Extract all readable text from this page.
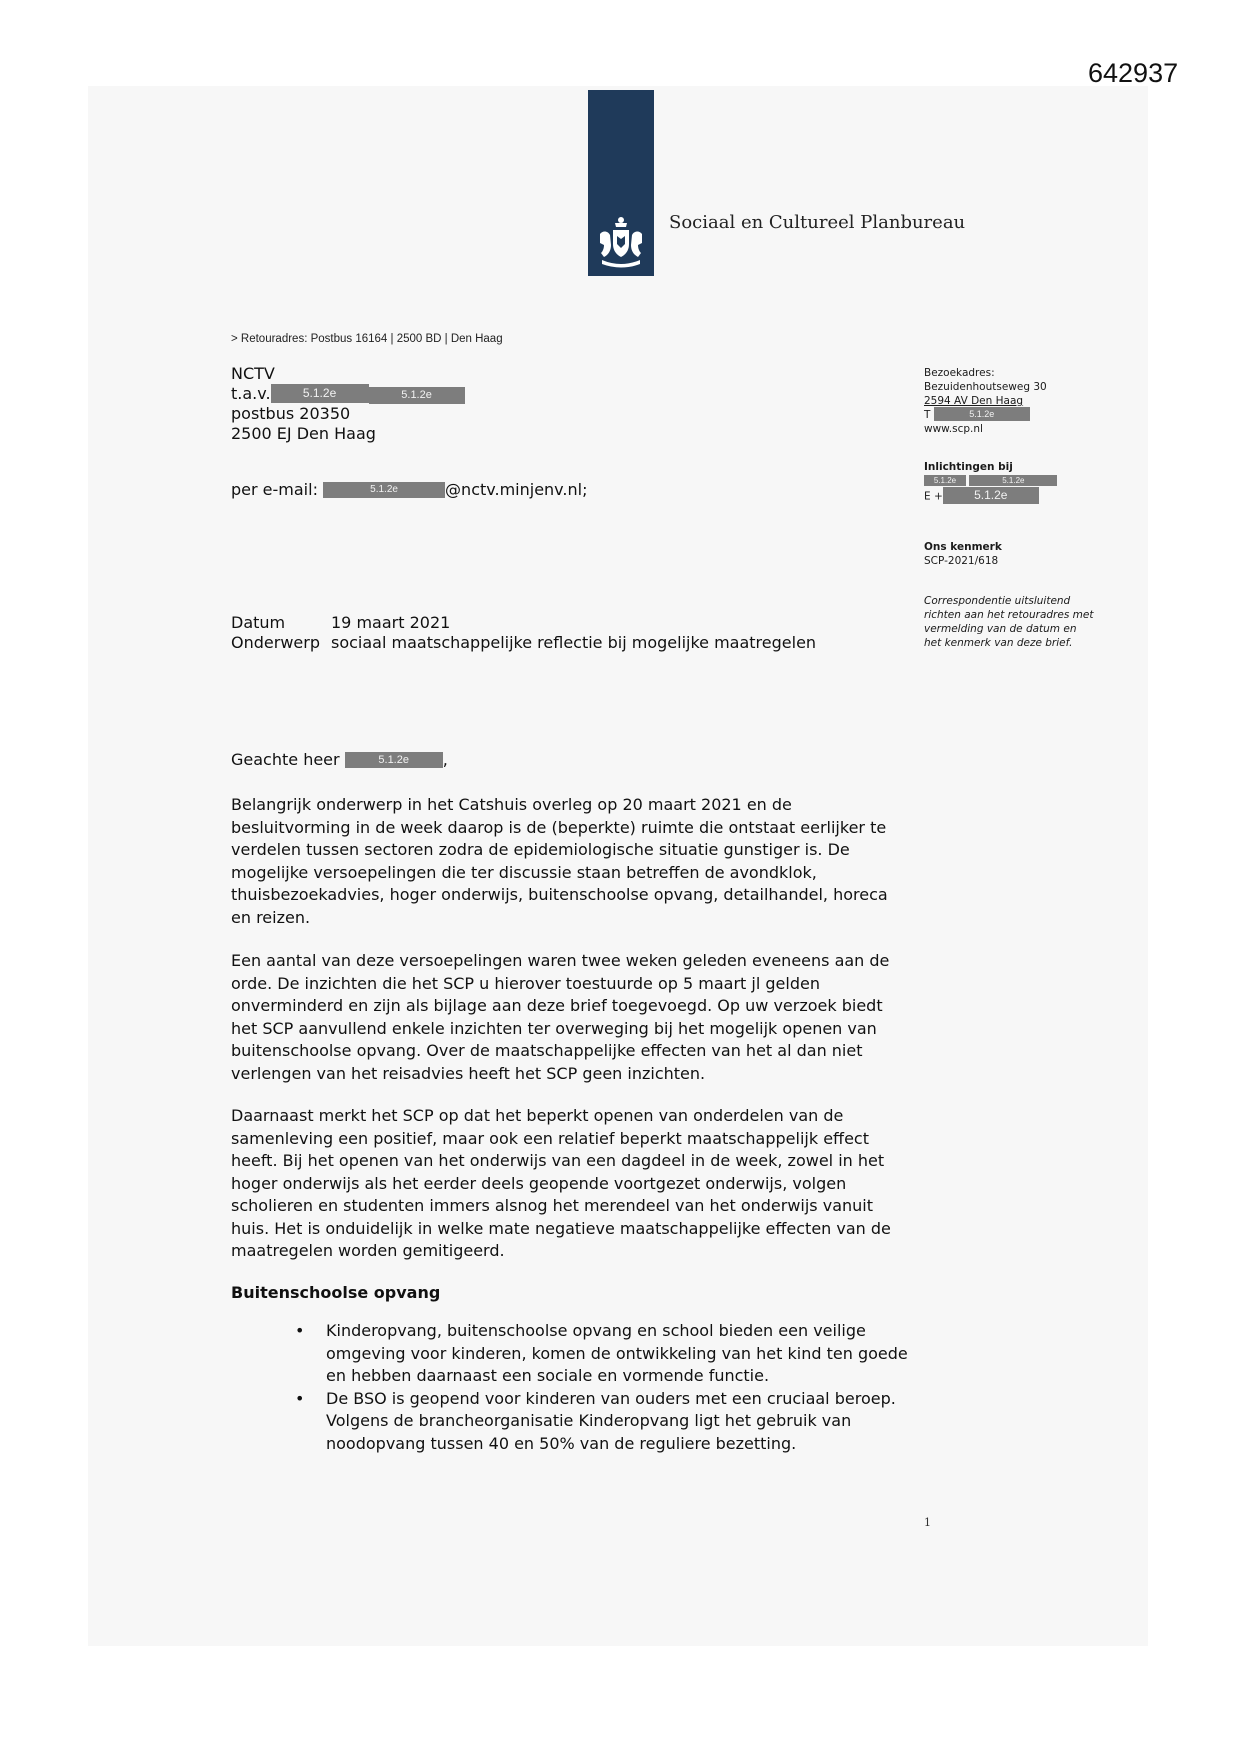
642937
Sociaal en Cultureel Planbureau
> Retouradres: Postbus 16164 | 2500 BD | Den Haag
NCTV
t.a.v.	5.1.2e	5.1.2e
postbus 20350
2500 EJ Den Haag
per e-mail:	5.1.2e	@nctv.minjenv.nl;
Bezoekadres:
Bezuidenhoutseweg 30
2594 AV Den Haag
T	5.1.2e
www.scp.nl
Inlichtingen bij
5.1.2e	5.1.2e
E +	5.1.2e
Ons kenmerk
SCP-2021/618
Correspondentie uitsluitend richten aan het retouradres met vermelding van de datum en het kenmerk van deze brief.
Datum	19 maart 2021
Onderwerp sociaal maatschappelijke reflectie bij mogelijke maatregelen
Geachte heer	5.1.2e ,

Belangrijk onderwerp in het Catshuis overleg op 20 maart 2021 en de besluitvorming in de week daarop is de (beperkte) ruimte die ontstaat eerlijker te verdelen tussen sectoren zodra de epidemiologische situatie gunstiger is. De mogelijke versoepelingen die ter discussie staan betreffen de avondklok, thuisbezoekadvies, hoger onderwijs, buitenschoolse opvang, detailhandel, horeca en reizen.

Een aantal van deze versoepelingen waren twee weken geleden eveneens aan de orde. De inzichten die het SCP u hierover toestuurde op 5 maart jl gelden onverminderd en zijn als bijlage aan deze brief toegevoegd. Op uw verzoek biedt het SCP aanvullend enkele inzichten ter overweging bij het mogelijk openen van buitenschoolse opvang. Over de maatschappelijke effecten van het al dan niet verlengen van het reisadvies heeft het SCP geen inzichten.

Daarnaast merkt het SCP op dat het beperkt openen van onderdelen van de samenleving een positief, maar ook een relatief beperkt maatschappelijk effect heeft. Bij het openen van het onderwijs van een dagdeel in de week, zowel in het hoger onderwijs als het eerder deels geopende voortgezet onderwijs, volgen scholieren en studenten immers alsnog het merendeel van het onderwijs vanuit huis. Het is onduidelijk in welke mate negatieve maatschappelijke effecten van de maatregelen worden gemitigeerd.

Buitenschoolse opvang
• Kinderopvang, buitenschoolse opvang en school bieden een veilige omgeving voor kinderen, komen de ontwikkeling van het kind ten goede en hebben daarnaast een sociale en vormende functie.
• De BSO is geopend voor kinderen van ouders met een cruciaal beroep. Volgens de brancheorganisatie Kinderopvang ligt het gebruik van noodopvang tussen 40 en 50% van de reguliere bezetting.
1
